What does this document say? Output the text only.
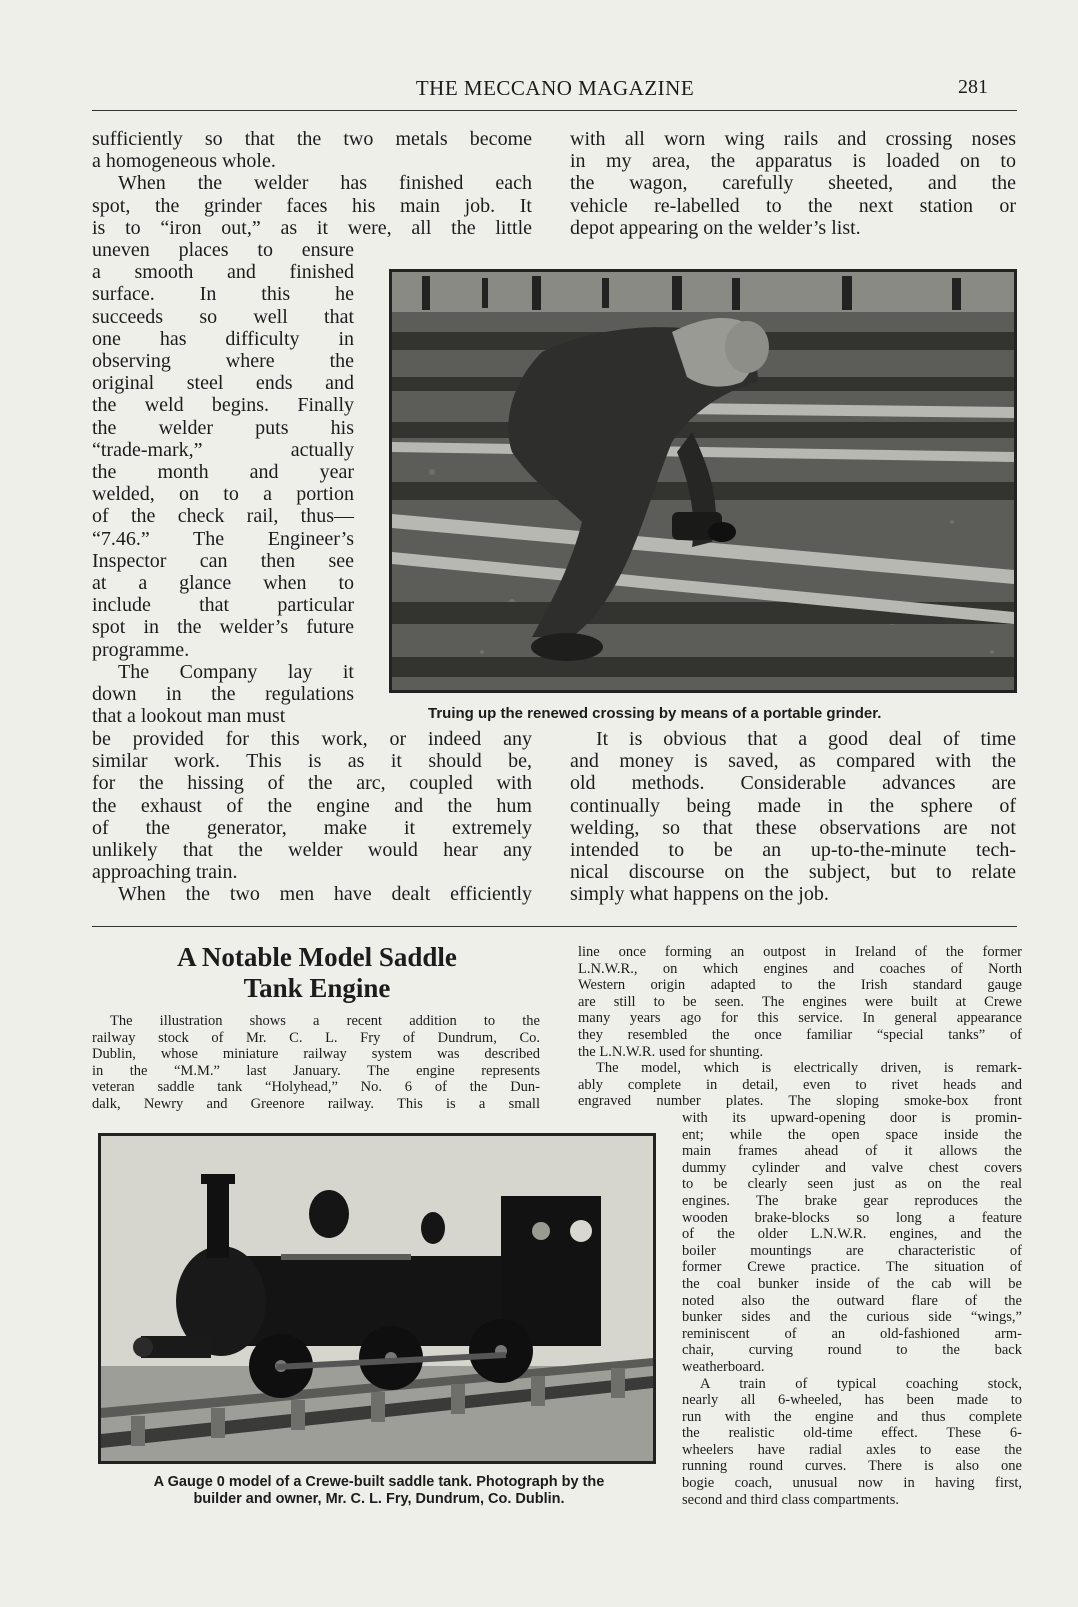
THE MECCANO MAGAZINE	281

sufficiently so that the two metals become

a homogeneous whole.

When the welder has finished each

spot, the grinder faces his main job. It

is to “iron out,” as it were, all the little

uneven places to ensure

a smooth and finished

surface. In this he

succeeds so well that

one has difficulty in

observing where the

original steel ends and

the weld begins. Finally

the welder puts his

“trade-mark,” actually

the month and year

welded, on to a portion

of the check rail, thus—

“7.46.” The Engineer’s

Inspector can then see

at a glance when to

include that particular

spot in the welder’s future

programme.

The Company lay it

down in the regulations

that a lookout man must

be provided for this work, or indeed any

similar work. This is as it should be,

for the hissing of the arc, coupled with

the exhaust of the engine and the hum

of the generator, make it extremely

unlikely that the welder would hear any

approaching train.

When the two men have dealt efficiently

with all worn wing rails and crossing noses

in my area, the apparatus is loaded on to

the wagon, carefully sheeted, and the

vehicle re-labelled to the next station or

depot appearing on the welder’s list.

Truing up the renewed crossing by means of a portable grinder.

It is obvious that a good deal of time

and money is saved, as compared with the

old methods. Considerable advances are

continually being made in the sphere of

welding, so that these observations are not

intended to be an up-to-the-minute tech-

nical discourse on the subject, but to relate

simply what happens on the job.

A Notable Model Saddle
Tank Engine

The illustration shows a recent addition to the

railway stock of Mr. C. L. Fry of Dundrum, Co.

Dublin, whose miniature railway system was described

in the “M.M.” last January. The engine represents

veteran saddle tank “Holyhead,” No. 6 of the Dun-

dalk, Newry and Greenore railway. This is a small

line once forming an outpost in Ireland of the former

L.N.W.R., on which engines and coaches of North

Western origin adapted to the Irish standard gauge

are still to be seen. The engines were built at Crewe

many years ago for this service. In general appearance

they resembled the once familiar “special tanks” of

the L.N.W.R. used for shunting.

The model, which is electrically driven, is remark-

ably complete in detail, even to rivet heads and

engraved number plates. The sloping smoke-box front

with its upward-opening door is promin-

ent; while the open space inside the

main frames ahead of it allows the

dummy cylinder and valve chest covers

to be clearly seen just as on the real

engines. The brake gear reproduces the

wooden brake-blocks so long a feature

of the older L.N.W.R. engines, and the

boiler mountings are characteristic of

former Crewe practice. The situation of

the coal bunker inside of the cab will be

noted also the outward flare of the

bunker sides and the curious side “wings,”

reminiscent of an old-fashioned arm-

chair, curving round to the back

weatherboard.

A train of typical coaching stock,

nearly all 6-wheeled, has been made to

run with the engine and thus complete

the realistic old-time effect. These 6-

wheelers have radial axles to ease the

running round curves. There is also one

bogie coach, unusual now in having first,

second and third class compartments.

A Gauge 0 model of a Crewe-built saddle tank. Photograph by the
builder and owner, Mr. C. L. Fry, Dundrum, Co. Dublin.
